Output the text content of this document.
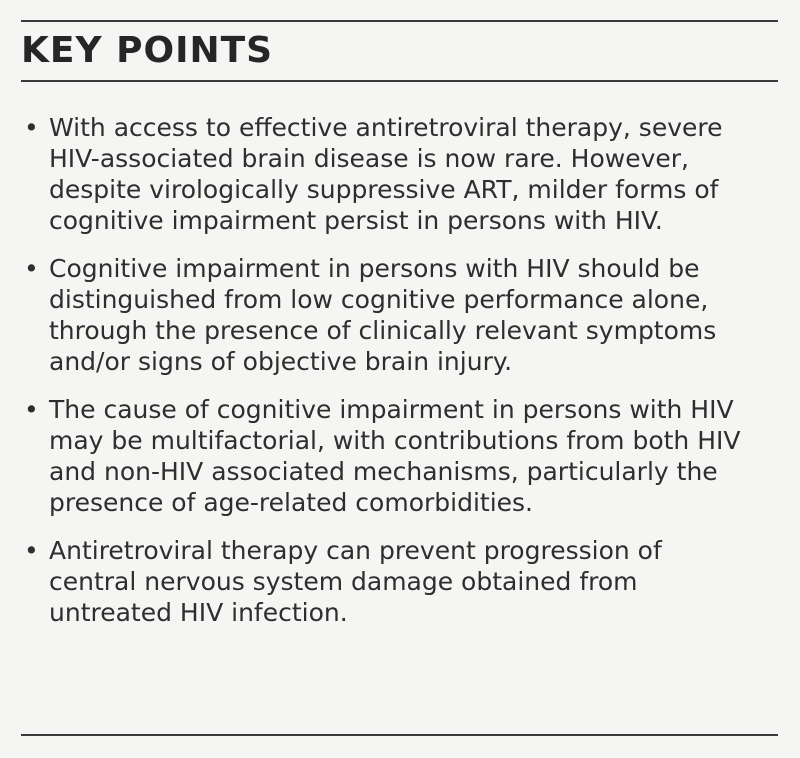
KEY POINTS
• With access to effective antiretroviral therapy, severe
HIV-associated brain disease is now rare. However,
despite virologically suppressive ART, milder forms of
cognitive impairment persist in persons with HIV.
• Cognitive impairment in persons with HIV should be
distinguished from low cognitive performance alone,
through the presence of clinically relevant symptoms
and/or signs of objective brain injury.
• The cause of cognitive impairment in persons with HIV
may be multifactorial, with contributions from both HIV
and non-HIV associated mechanisms, particularly the
presence of age-related comorbidities.
• Antiretroviral therapy can prevent progression of
central nervous system damage obtained from
untreated HIV infection.
